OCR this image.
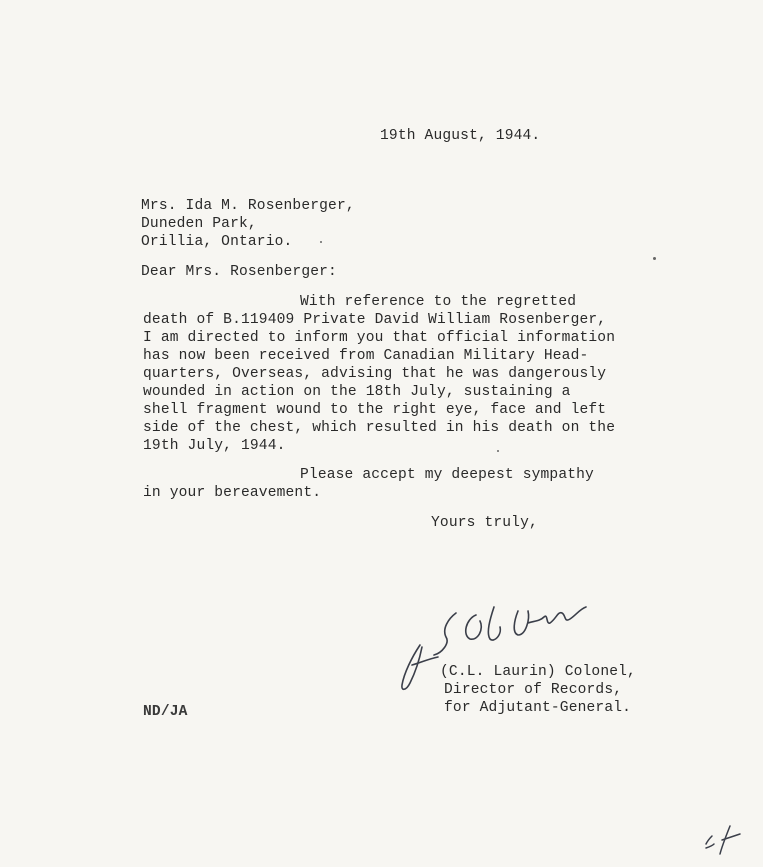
19th August, 1944.
Mrs. Ida M. Rosenberger,
Duneden Park,
Orillia, Ontario.
Dear Mrs. Rosenberger:
With reference to the regretted
death of B.119409 Private David William Rosenberger,
I am directed to inform you that official information
has now been received from Canadian Military Head-
quarters, Overseas, advising that he was dangerously
wounded in action on the 18th July, sustaining a
shell fragment wound to the right eye, face and left
side of the chest, which resulted in his death on the
19th July, 1944.
Please accept my deepest sympathy
in your bereavement.
Yours truly,
(C.L. Laurin) Colonel,
Director of Records,
for Adjutant-General.
ND/JA
